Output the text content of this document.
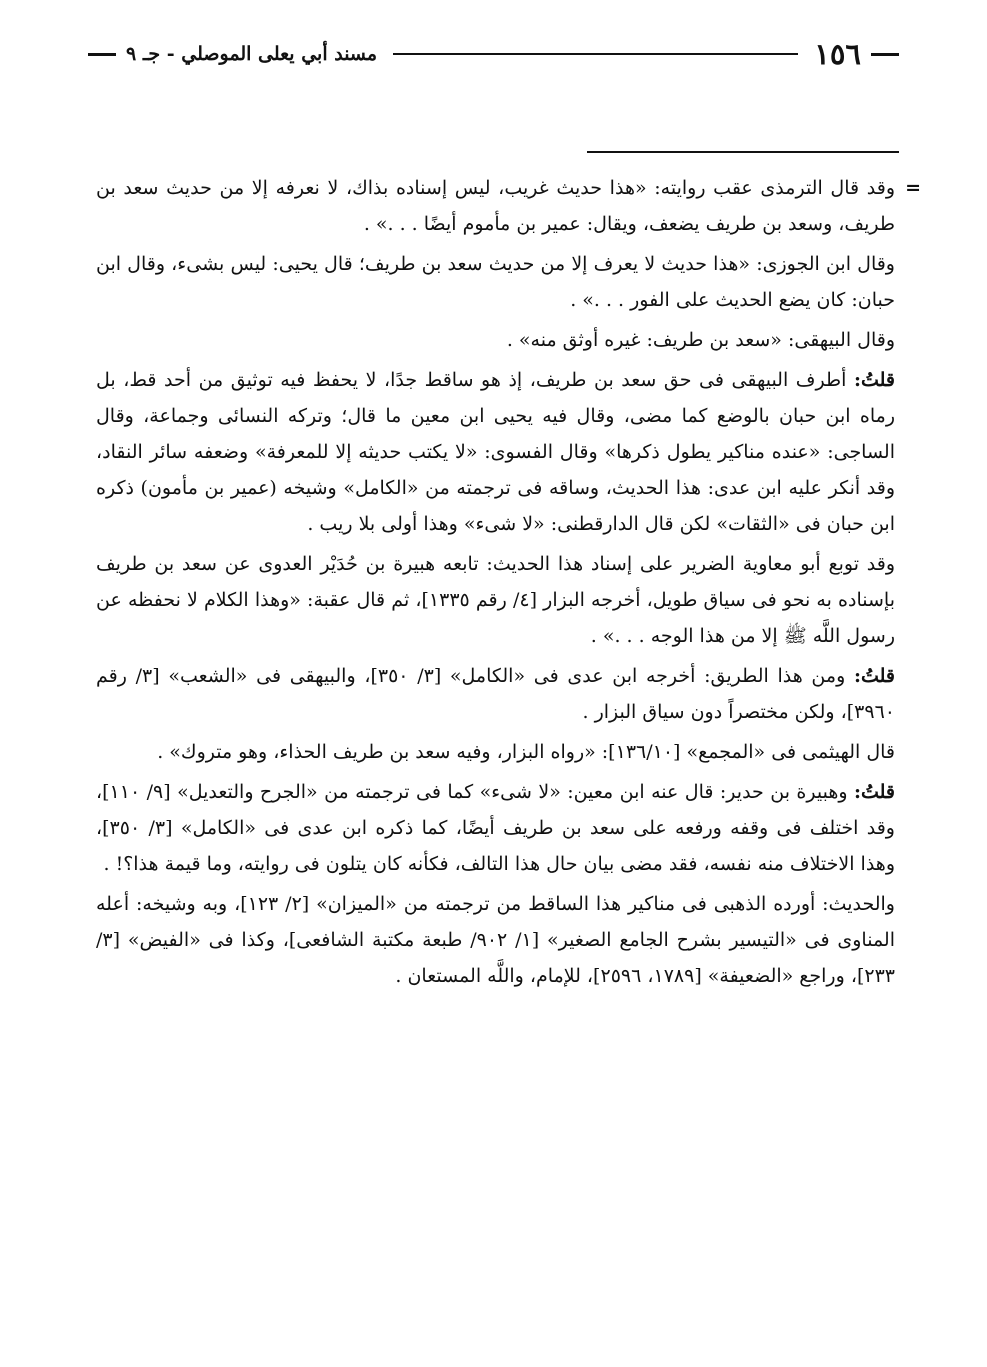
١٥٦
مسند أبي يعلى الموصلي - جـ ٩

=
وقد قال الترمذى عقب روايته: «هذا حديث غريب، ليس إسناده بذاك، لا نعرفه إلا من حديث سعد بن طريف، وسعد بن طريف يضعف، ويقال: عمير بن مأموم أيضًا . . .» .

وقال ابن الجوزى: «هذا حديث لا يعرف إلا من حديث سعد بن طريف؛ قال يحيى: ليس بشىء، وقال ابن حبان: كان يضع الحديث على الفور . . .» .

وقال البيهقى: «سعد بن طريف: غيره أوثق منه» .

قلتُ: أطرف البيهقى فى حق سعد بن طريف، إذ هو ساقط جدًا، لا يحفظ فيه توثيق من أحد قط، بل رماه ابن حبان بالوضع كما مضى، وقال فيه يحيى ابن معين ما قال؛ وتركه النسائى وجماعة، وقال الساجى: «عنده مناكير يطول ذكرها» وقال الفسوى: «لا يكتب حديثه إلا للمعرفة» وضعفه سائر النقاد، وقد أنكر عليه ابن عدى: هذا الحديث، وساقه فى ترجمته من «الكامل» وشيخه (عمير بن مأمون) ذكره ابن حبان فى «الثقات» لكن قال الدارقطنى: «لا شىء» وهذا أولى بلا ريب .

وقد توبع أبو معاوية الضرير على إسناد هذا الحديث: تابعه هبيرة بن حُدَيْر العدوى عن سعد بن طريف بإسناده به نحو فى سياق طويل، أخرجه البزار [٤/ رقم ١٣٣٥]، ثم قال عقبة: «وهذا الكلام لا نحفظه عن رسول اللَّه ﷺ إلا من هذا الوجه . . .» .

قلتُ: ومن هذا الطريق: أخرجه ابن عدى فى «الكامل» [٣/ ٣٥٠]، والبيهقى فى «الشعب» [٣/ رقم ٣٩٦٠]، ولكن مختصراً دون سياق البزار .

قال الهيثمى فى «المجمع» [١٣٦/١٠]: «رواه البزار، وفيه سعد بن طريف الحذاء، وهو متروك» .

قلتُ: وهبيرة بن حدير: قال عنه ابن معين: «لا شىء» كما فى ترجمته من «الجرح والتعديل» [٩/ ١١٠]، وقد اختلف فى وقفه ورفعه على سعد بن طريف أيضًا، كما ذكره ابن عدى فى «الكامل» [٣/ ٣٥٠]، وهذا الاختلاف منه نفسه، فقد مضى بيان حال هذا التالف، فكأنه كان يتلون فى روايته، وما قيمة هذا؟! .

والحديث: أورده الذهبى فى مناكير هذا الساقط من ترجمته من «الميزان» [٢/ ١٢٣]، وبه وشيخه: أعله المناوى فى «التيسير بشرح الجامع الصغير» [١/ ٩٠٢/ طبعة مكتبة الشافعى]، وكذا فى «الفيض» [٣/ ٢٣٣]، وراجع «الضعيفة» [١٧٨٩، ٢٥٩٦]، للإمام، واللَّه المستعان .
